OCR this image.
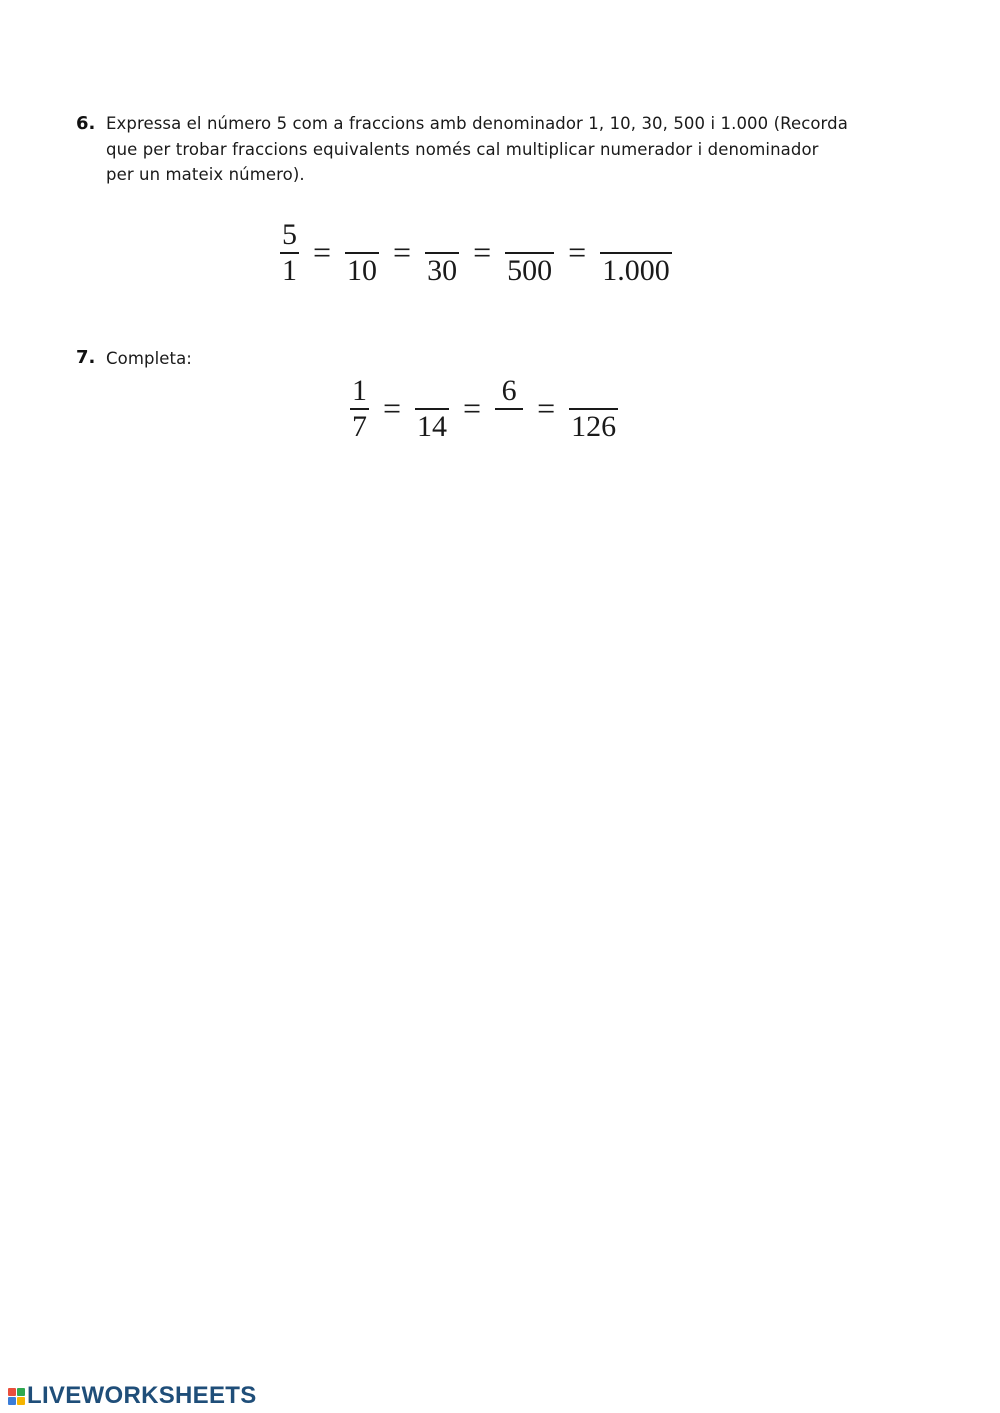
6. Expressa el número 5 com a fraccions amb denominador 1, 10, 30, 500 i 1.000 (Recorda
que per trobar fraccions equivalents només cal multiplicar numerador i denominador
per un mateix número).
$\frac{5}{1}$ =
10
=
30
=
500
=
1.000
7. Completa:
$\frac{1}{7}$ =
14
= 6 =
126
LIVEWORKSHEETS
